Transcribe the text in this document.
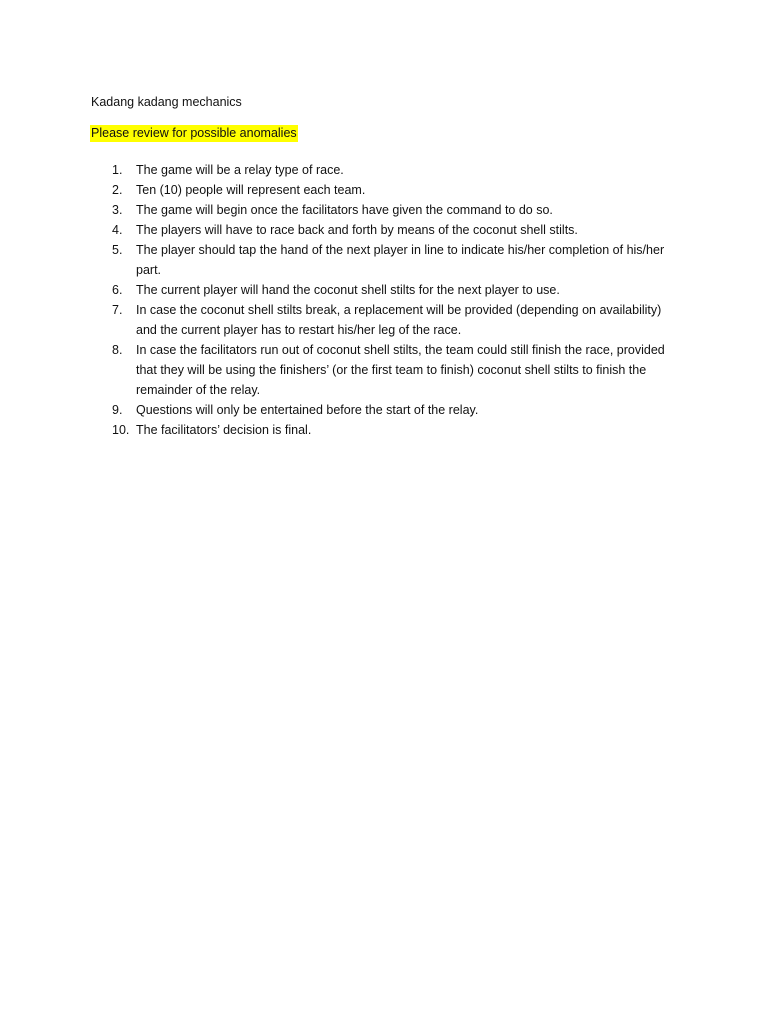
Kadang kadang mechanics
Please review for possible anomalies
1.	The game will be a relay type of race.
2.	Ten (10) people will represent each team.
3.	The game will begin once the facilitators have given the command to do so.
4.	The players will have to race back and forth by means of the coconut shell stilts.
5.	The player should tap the hand of the next player in line to indicate his/her completion of his/her part.
6.	The current player will hand the coconut shell stilts for the next player to use.
7.	In case the coconut shell stilts break, a replacement will be provided (depending on availability) and the current player has to restart his/her leg of the race.
8.	In case the facilitators run out of coconut shell stilts, the team could still finish the race, provided that they will be using the finishers’ (or the first team to finish) coconut shell stilts to finish the remainder of the relay.
9.	Questions will only be entertained before the start of the relay.
10. The facilitators’ decision is final.
